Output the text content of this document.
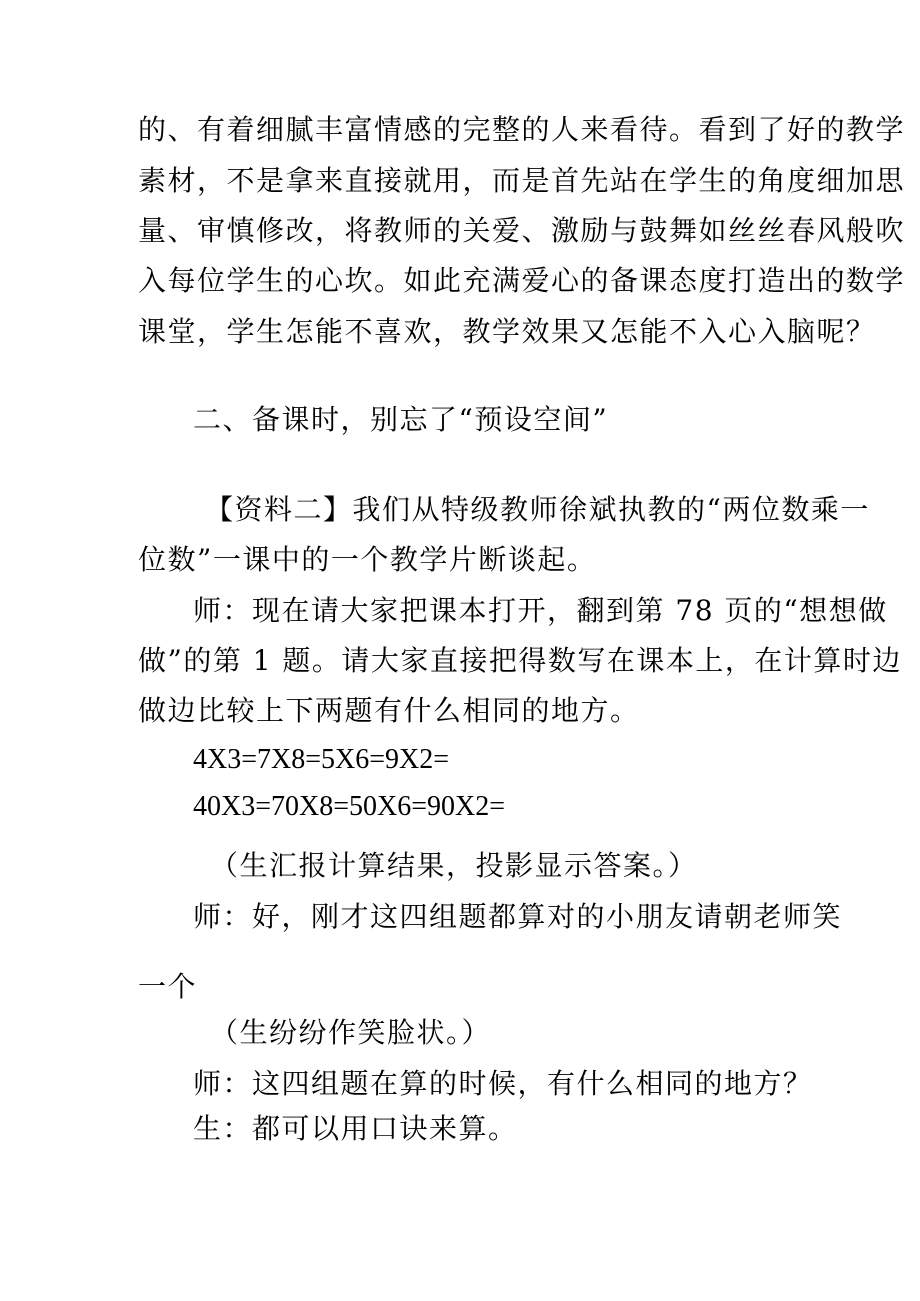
的、有着细腻丰富情感的完整的人来看待。看到了好的教学
素材，不是拿来直接就用，而是首先站在学生的角度细加思
量、审慎修改，将教师的关爱、激励与鼓舞如丝丝春风般吹
入每位学生的心坎。如此充满爱心的备课态度打造出的数学
课堂，学生怎能不喜欢，教学效果又怎能不入心入脑呢？
二、备课时，别忘了“预设空间”
【资料二】我们从特级教师徐斌执教的“两位数乘一
位数”一课中的一个教学片断谈起。
师：现在请大家把课本打开，翻到第 78 页的“想想做
做”的第 1 题。请大家直接把得数写在课本上，在计算时边
做边比较上下两题有什么相同的地方。
4X3=7X8=5X6=9X2=
40X3=70X8=50X6=90X2=
（生汇报计算结果，投影显示答案。）
师：好，刚才这四组题都算对的小朋友请朝老师笑
一个
（生纷纷作笑脸状。）
师：这四组题在算的时候，有什么相同的地方？
生：都可以用口诀来算。
